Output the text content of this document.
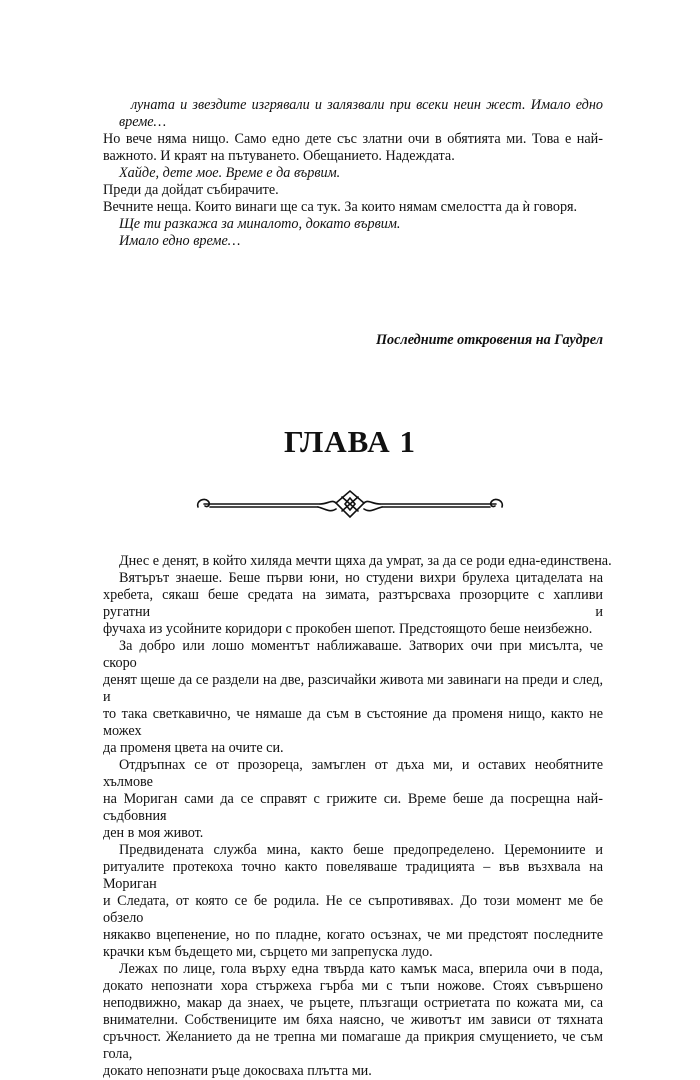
луната и звездите изгрявали и залязвали при всеки неин жест. Имало едно

време…

Но вече няма нищо. Само едно дете със златни очи в обятията ми. Това е най-

важното. И краят на пътуването. Обещанието. Надеждата.

Хайде, дете мое. Време е да вървим.

Преди да дойдат събирачите.

Вечните неща. Които винаги ще са тук. За които нямам смелостта да ѝ говоря.

Ще ти разкажа за миналото, докато вървим.

Имало едно време…

Последните откровения на Гаудрел
ГЛАВА 1

Днес е денят, в който хиляда мечти щяха да умрат, за да се роди една-единствена.

Вятърът знаеше. Беше първи юни, но студени вихри брулеха цитаделата на

хребета, сякаш беше средата на зимата, разтърсваха прозорците с хапливи ругатни и

фучаха из усойните коридори с прокобен шепот. Предстоящото беше неизбежно.

За добро или лошо моментът наближаваше. Затворих очи при мисълта, че скоро

денят щеше да се раздели на две, разсичайки живота ми завинаги на преди и след, и

то така светкавично, че нямаше да съм в състояние да променя нищо, както не можех

да променя цвета на очите си.

Отдръпнах се от прозореца, замъглен от дъха ми, и оставих необятните хълмове

на Мориган сами да се справят с грижите си. Време беше да посрещна най-съдбовния

ден в моя живот.

Предвидената служба мина, както беше предопределено. Церемониите и

ритуалите протекоха точно както повеляваше традицията – във възхвала на Мориган

и Следата, от която се бе родила. Не се съпротивявах. До този момент ме бе обзело

някакво вцепенение, но по пладне, когато осъзнах, че ми предстоят последните

крачки към бъдещето ми, сърцето ми запрепуска лудо.

Лежах по лице, гола върху една твърда като камък маса, вперила очи в пода,

докато непознати хора стържеха гърба ми с тъпи ножове. Стоях съвършено

неподвижно, макар да знаех, че ръцете, плъзгащи остриетата по кожата ми, са

внимателни. Собствениците им бяха наясно, че животът им зависи от тяхната

сръчност. Желанието да не трепна ми помагаше да прикрия смущението, че съм гола,

докато непознати ръце докосваха плътта ми.
